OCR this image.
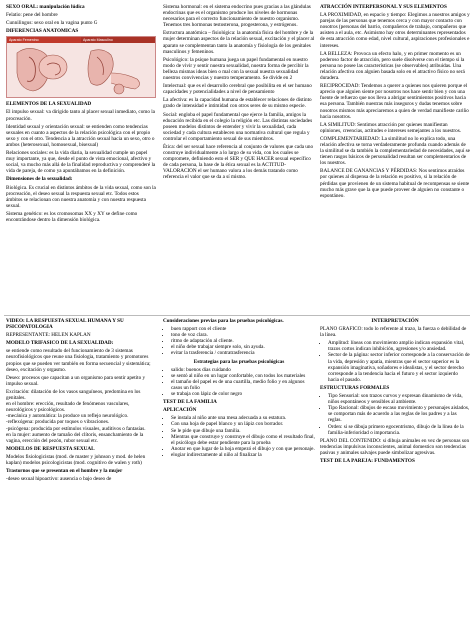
SEXO ORAL: manipulación lúdica

Felatio: pene del hombre

Cunnilingus: sexo oral en la vagina punto G

DIFERENCIAS ANATOMICAS

Aparato Femenino	Aparato Masculino

ELEMENTOS DE LA SEXUALIDAD

El impulso sexual: va dirigido tanto al placer sexual inmediato, como la procreación.

Identidad sexual y orientación sexual: se entienden como tendencias sexuales en cuanto a aspectos de la relación psicológica con el propio sexo y con el otro. Tendencia a la atracción sexual hacia un sexo, otro o ambos (heterosexual, homosexual, bisexual)

Relaciones sociales: es la vida diaria, la sexualidad cumple un papel muy importante, ya que, desde el punto de vista emocional, afectivo y social, va mucho más allá de la finalidad reproductiva y comprenderé la vida de pareja, de como ya apuntábamos en la definición.

Dimensiones de la sexualidad:

Biológica. Es crucial en distintos ámbitos de la vida sexual, como son la procreación, el deseo sexual la respuesta sexual etc. Todos estos ámbitos se relacionan con nuestra anatomía y con nuestra respuesta sexual.

Sistema genético: es los cromosomas XX y XY se define como encontrándose dentro la dimensión biológica.

Sistema hormonal: en el sistema endocrino pues gracias a las glándulas endocrinas que es el organismo produce los niveles de hormonas necesarios para el correcto funcionamiento de nuestro organismo. Tenemos tres hormonas testosterona, progesterona, y estrógenos.

Estructura anatómica – fisiológica: la anatomía física del hombre y de la mujer determinan aspectos de la relación sexual, excitación y el placer al aparato se complementan tanto la anatomía y fisiología de los genitales masculinos y femeninos.

Psicológico: la psique humana juega un papel fundamental en nuestro modo de vivir y sentir nuestra sexualidad, nuestra forma de percibir la belleza mismas ideas bien o mal con la sexual nuestra sexualidad nuestros convivencias y nuestro temperamento. Se divide en 2

Intelectual: que es el desarrollo cerebral que posibilita en el ser humano capacidades y potencialidades a nivel de pensamiento

La afectiva: es la capacidad humana de establecer relaciones de distinto grado de intensidad e intimidad con otros seres de su mismo especie.

Social: engloba el papel fundamental que ejerce la familia, amigos la educación recibida en el colegio la religión etc. Las distintas sociedades poseen modelos distintos de entender y vivir la sexualidad, cada sociedad y cada cultura establecen una normativa cultural que regula y controlar el comportamiento sexual de sus miembros.

Ética: del ser sexual hace referencia al conjunto de valores que cada uno construye individualmente a lo largo de su vida, con los cuales se compromete, definiendo esto el SER y QUE HACER sexual específico de cada persona, la base de la ética sexual es la ACTITUD- VALORACION el ser humano valora a los demás tratando como referencia el valor que se da a sí mismo.

ATRACCIÓN INTERPERSONAL Y SUS ELEMENTOS

LA PROXIMIDAD, en espacio y tiempo: Elegimos a nuestros amigos y parejas de las personas que tenemos cerca y con mayor contacto con nosotros (personas del barrio, compañeros de trabajo, compañeros que asisten a el aula, etc. Asimismo hay otros determinantes representados de esta atracción como edad, nivel cultural, aspiraciones profesionales e intereses.

LA BELLEZA: Provoca un efecto halo, y en primer momento es un poderoso factor de atracción, pero suele disolverse con el tiempo si la persona no posee las características (se observables) atribuidas. Una relación afectiva con alguien basada solo en el atractivo físico no será duradera.

RECIPROCIDAD: Tendemos a querer a quienes nos quieren porque el aprecio que alguien siente por nosotros nos hace sentir bien y con una fuente de refuerzo que nos lleva a abrigar sentimientos positivos hacia esa persona. También nuestras más inseguros y dudas tenemos sobre nosotros mismos más apreciaremos a quien de verdad manifieste cariño hacia nosotros.

LA SIMILITUD: Sentimos atracción por quienes manifiestan opiniones, creencias, actitudes e intereses semejantes a los nuestros.

COMPLEMENTARIEDAD: La similitud no lo explica todo, una relación afectiva se torna verdaderamente profunda cuando además de la similitud se da también la complementariedad de necesidades, aquí se tienen rasgos básicos de personalidad resultan ser complementarios de los nuestros.

BALANCE DE GANANCIAS Y PÉRDIDAS: Nos sentimos atraídos por quienes al dispensa de la relación es positivo, si la relación de pérdidas que provienen de un sistema habitual de recompensas se siente mucho más grave que la que puede proveer de alguien no constante o espontáneo.

VIDEO: LA RESPUESTA SEXUAL HUMANA Y SU PSICOPATOLOGIA

REPRESENTANTE: HELEN KAPLAN

MODELO TRIFASICO DE LA SEXUALIDAD:

se entiende como resultado del funcionamiento de 3 sistemas neurofisiológicos que reune una fisiologia, tratamiento y promotores propios que se pueden ver también en forma secuencial y sistemática; deseo, excitación y orgasmo.

Deseo: procesos que capacitan a un organismo para sentir apetito y impulso sexual.

Excitación: dilatación de los vasos sanguíneos, predomina en los genitales.

en el hombre: erección, resultado de fenómenos vasculares, neurológicos y psicológicos.

-mecánica y automática: la produce un reflejo neurológico.

-reflexógena: producida por toques o vibraciones.

-psicógena: producida por estímulos visuales, auditivos o fantasías.

en la mujer: aumento de tamaño del clítoris, ensanchamiento de la vagina, erección del pezón, rubor sexual etc.

MODELOS DE RESPUESTA SEXUAL

Modelos fisiologicistas (mod. de master y johnson y mod. de helen kaplan) modelos psicologicistas (mod. cognitivo de walen y roth)

Trastornos que se presentan en el hombre y la mujer

-deseo sexual hipoactivo: ausencia o bajo deseo de

Consideraciones previas para las pruebas psicológicas.

• buen rapport con el cliente
• tono de voz clara.
• ritmo de adaptación al cliente.
• el niño debe trabajar siempre solo, sin ayuda.
• evitar la trasferencia / contratrasferencia

Estrategias para las pruebas psicológicas

• salido: buenos días cuidando
• se sentó al niño en un lugar confortable, con todos los materiales
• el tamaño del papel es de una cuartilla, medio folio y en algunos casos un folio
• se trabaja con lápiz de color negro

TEST DE LA FAMILIA

APLICACIÓN

• Se instala al niño ante una mesa adecuada a su estatura.
• Con una hoja de papel blanco y un lápiz con borrador.
• Se le pide que dibuje una familia.
• Mientras que construye y construye el dibujo como el resultado final, el psicólogo debe estar pendiente para la prueba
• Anotar en que lugar de la hoja empezó el dibujo y con que personaje.
• elogiar indirectamente al niño al finalizar la

INTERPRETACIÓN

PLANO GRAFICO: todo lo referente al trazo, la fuerza o debilidad de la línea.

• Amplitud: líneas con movimiento amplio indican expansión vital, trazos cortos indican inhibición, agresiones y/o ansiedad.
• Sector de la página: sector inferior corresponde a la conservación de la vida, depresión y apatía, mientras que el sector superior es la expansión imaginativa, soñadores e idealistas, y el sector derecho corresponde a la tendencia hacia el futuro y el sector izquierdo hacia el pasado.

ESTRUCTURAS FORMALES

• Tipo Sensorial: son trazos curvos y expresan dinamismo de vida, niños espontáneos y sensibles al ambiente.
• Tipo Racional: dibujos de escaso movimiento y personajes aislados, se comportan más de acuerdo a las reglas de los padres y a las reglas.
• Orden: si se dibuja primero egocentrismo, dibujo de la línea de la familia-inferioridad o importancia.

PLANO DEL CONTENIDO: si dibuja animales en vez de personas son tendencias impulsivas inconscientes, animal domestico son tendencias pasivas y animales salvajes puede simbolizar agresivas.

TEST DE LA PAREJA: FUNDAMENTOS
